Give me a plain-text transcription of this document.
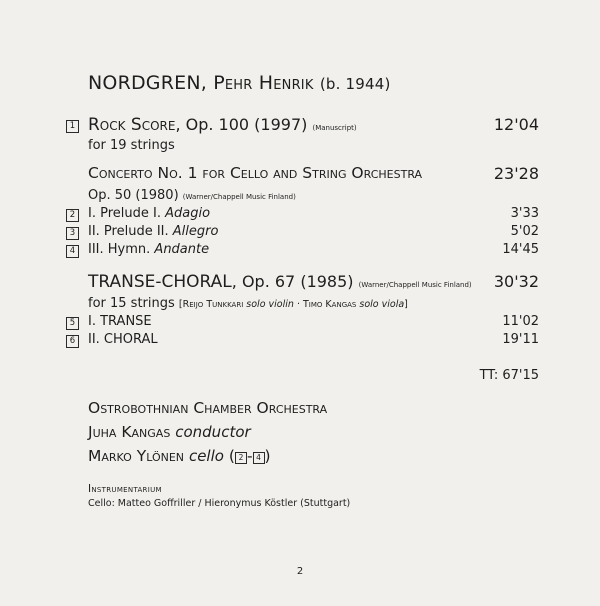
NORDGREN, Pehr Henrik (b. 1944)
1 Rock Score, Op. 100 (1997) (Manuscript)	12'04
for 19 strings
Concerto No. 1 for Cello and String Orchestra	23'28
Op. 50 (1980) (Warner/Chappell Music Finland)
2 I. Prelude I. Adagio	3'33
3 II. Prelude II. Allegro	5'02
4 III. Hymn. Andante	14'45
TRANSE-CHORAL, Op. 67 (1985) (Warner/Chappell Music Finland) 30'32
for 15 strings [Reijo Tunkkari solo violin · Timo Kangas solo viola]
5 I. TRANSE	11'02
6 II. CHORAL	19'11
TT: 67'15
Ostrobothnian Chamber Orchestra
Juha Kangas conductor
Marko Ylönen cello ( 2 - 4 )
Instrumentarium
Cello: Matteo Goffriller / Hieronymus Köstler (Stuttgart)
2
